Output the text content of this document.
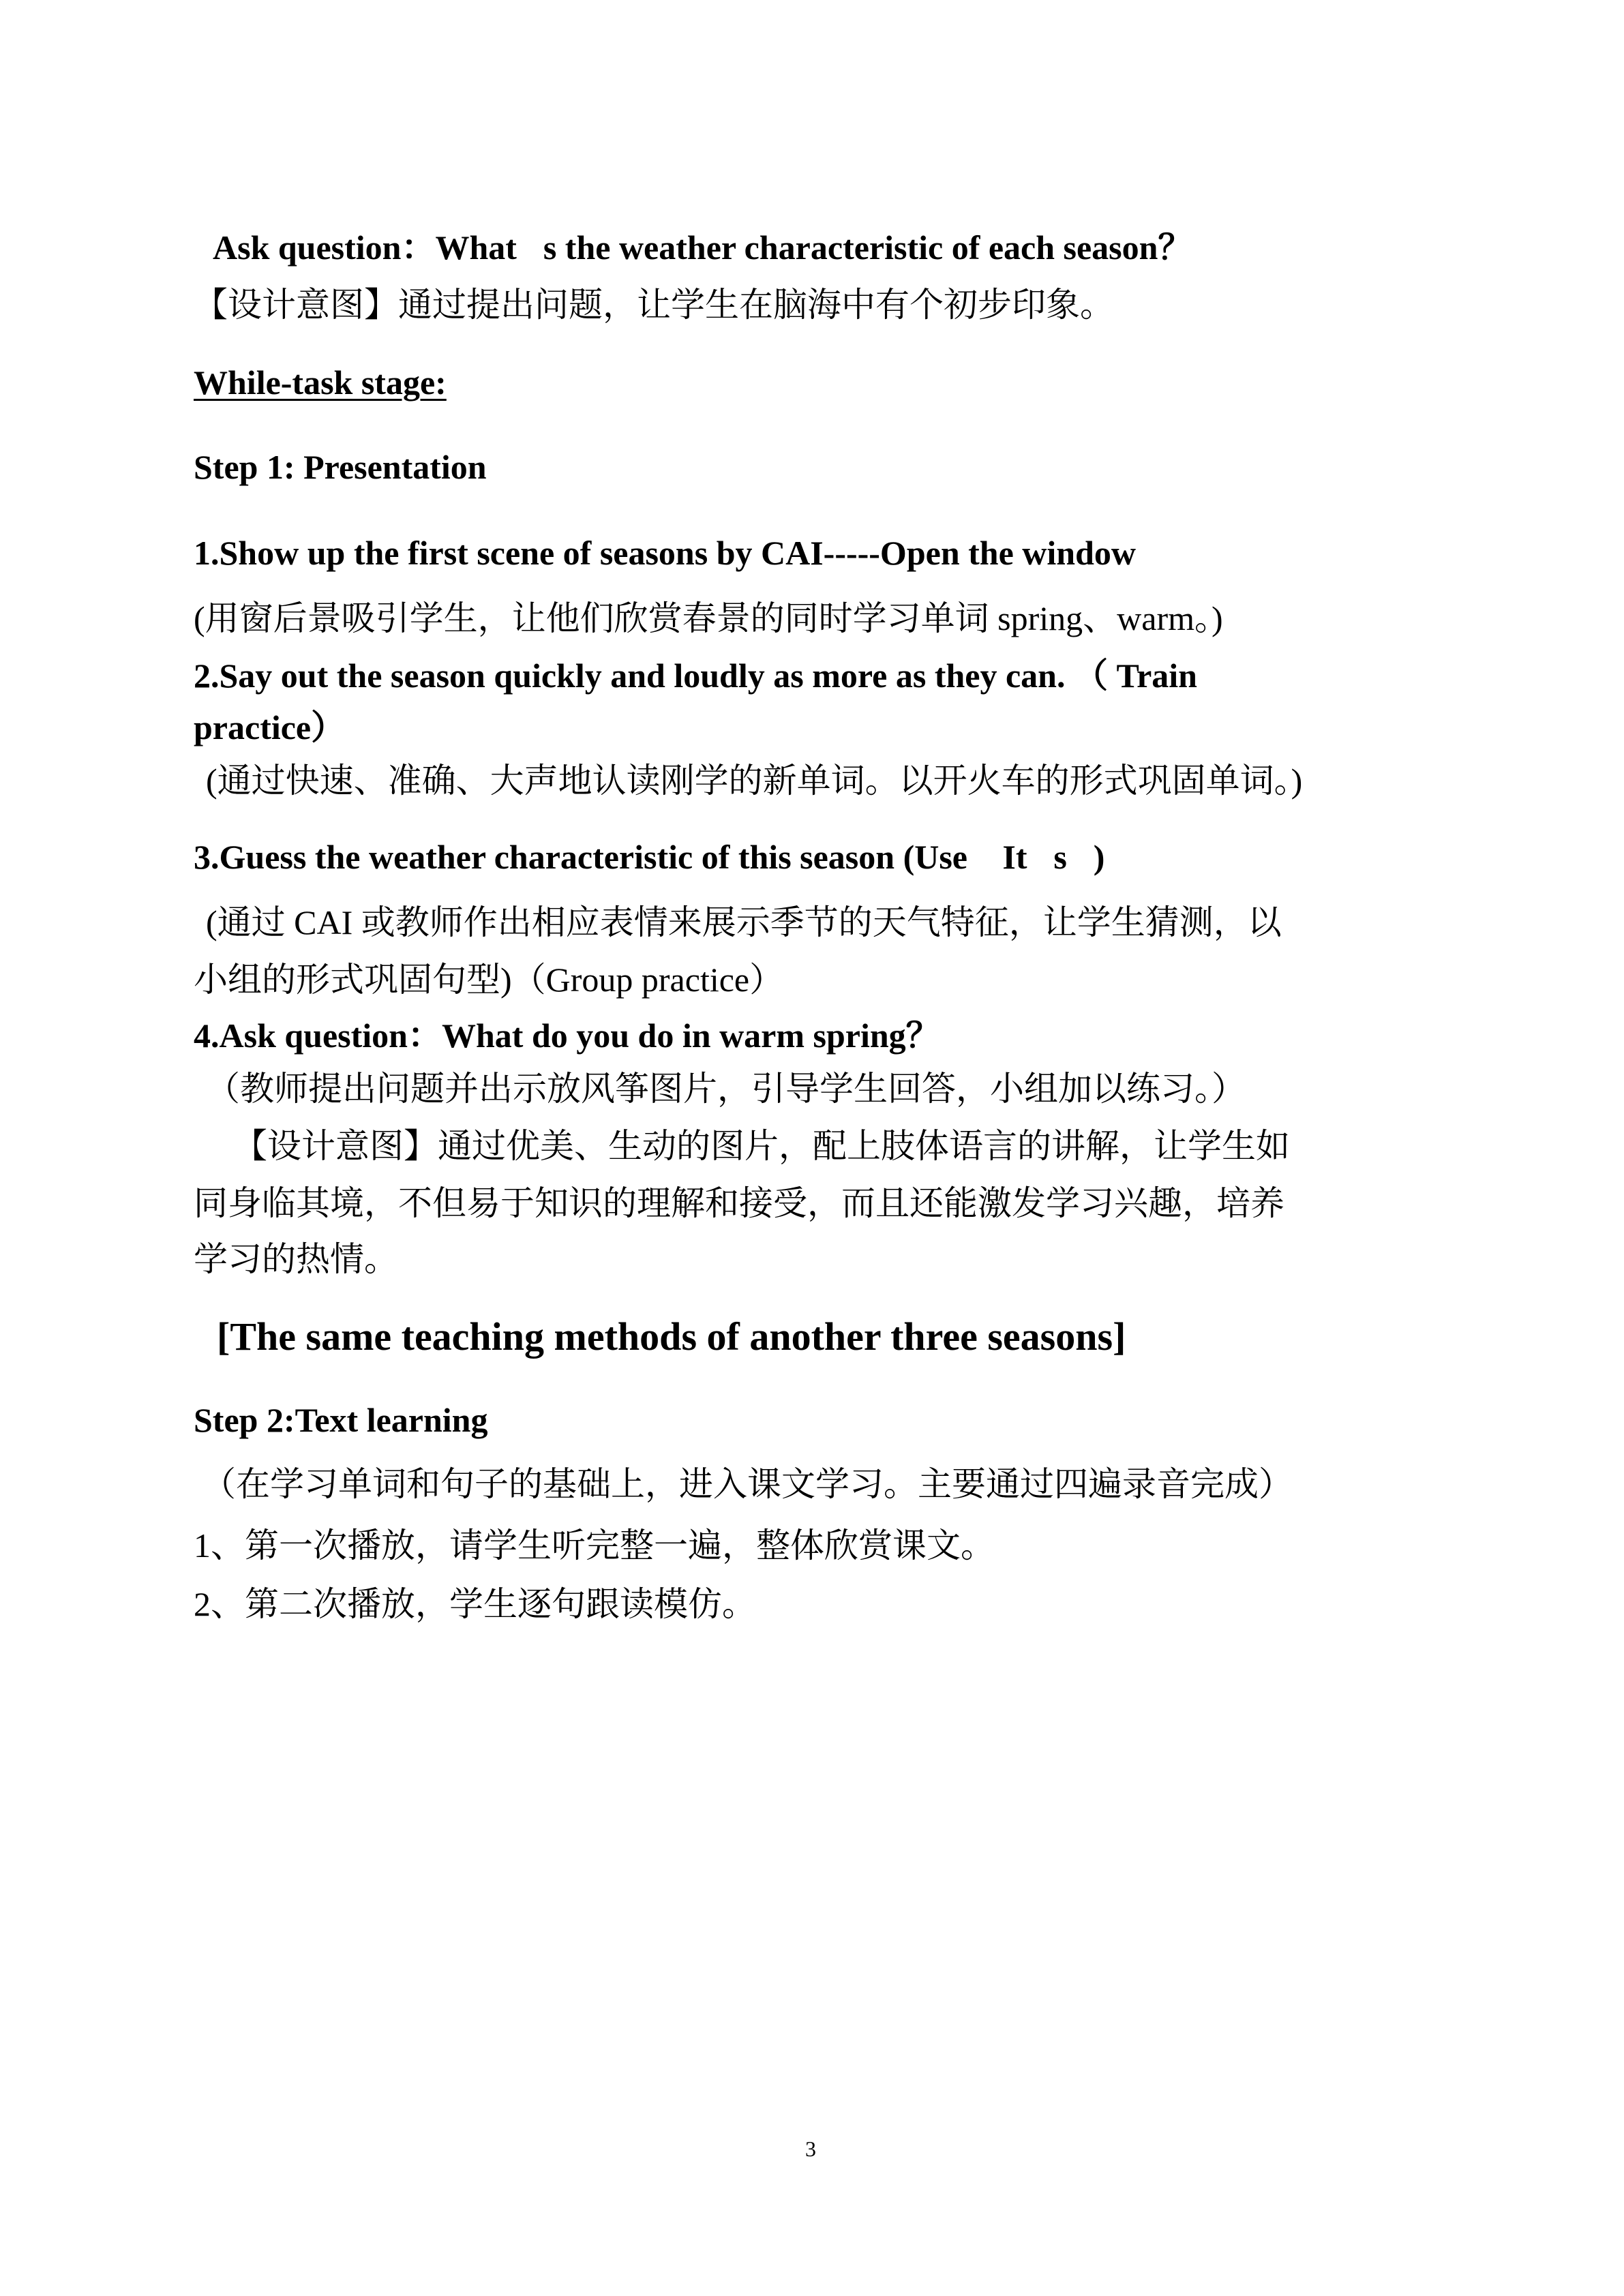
Ask question：What s the weather characteristic of each season？
【设计意图】通过提出问题，让学生在脑海中有个初步印象。
While-task stage:
Step 1: Presentation
1.Show up the first scene of seasons by CAI-----Open the window
(用窗后景吸引学生，让他们欣赏春景的同时学习单词 spring、warm。)
2.Say out the season quickly and loudly as more as they can. （ Train
practice）
(通过快速、准确、大声地认读刚学的新单词。以开火车的形式巩固单词。)
3.Guess the weather characteristic of this season (Use  It s )
(通过 CAI 或教师作出相应表情来展示季节的天气特征，让学生猜测，以
小组的形式巩固句型)（Group practice）
4.Ask question：What do you do in warm spring？
（教师提出问题并出示放风筝图片，引导学生回答，小组加以练习。）
【设计意图】通过优美、生动的图片，配上肢体语言的讲解，让学生如
同身临其境，不但易于知识的理解和接受，而且还能激发学习兴趣，培养
学习的热情。
[The same teaching methods of another three seasons]
Step 2:Text learning
（在学习单词和句子的基础上，进入课文学习。主要通过四遍录音完成）
1、第一次播放，请学生听完整一遍，整体欣赏课文。
2、第二次播放，学生逐句跟读模仿。
3
